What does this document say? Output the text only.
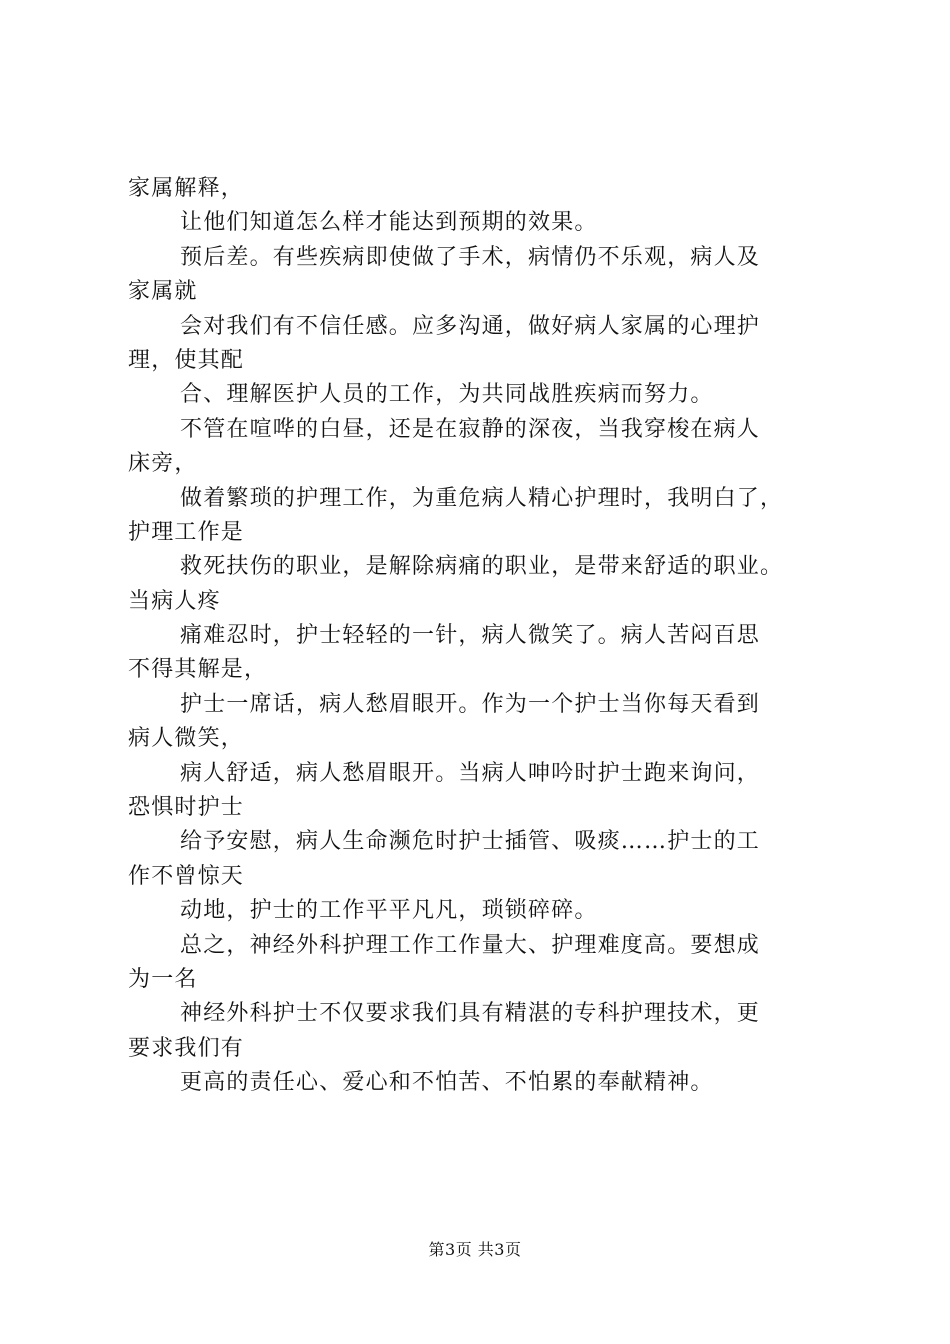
家属解释，
让他们知道怎么样才能达到预期的效果。
预后差。有些疾病即使做了手术，病情仍不乐观，病人及
家属就
会对我们有不信任感。应多沟通，做好病人家属的心理护
理，使其配
合、理解医护人员的工作，为共同战胜疾病而努力。
不管在喧哗的白昼，还是在寂静的深夜，当我穿梭在病人
床旁，
做着繁琐的护理工作，为重危病人精心护理时，我明白了，
护理工作是
救死扶伤的职业，是解除病痛的职业，是带来舒适的职业。
当病人疼
痛难忍时，护士轻轻的一针，病人微笑了。病人苦闷百思
不得其解是，
护士一席话，病人愁眉眼开。作为一个护士当你每天看到
病人微笑，
病人舒适，病人愁眉眼开。当病人呻吟时护士跑来询问，
恐惧时护士
给予安慰，病人生命濒危时护士插管、吸痰……护士的工
作不曾惊天
动地，护士的工作平平凡凡，琐锁碎碎。
总之，神经外科护理工作工作量大、护理难度高。要想成
为一名
神经外科护士不仅要求我们具有精湛的专科护理技术，更
要求我们有
更高的责任心、爱心和不怕苦、不怕累的奉献精神。
第3页 共3页
